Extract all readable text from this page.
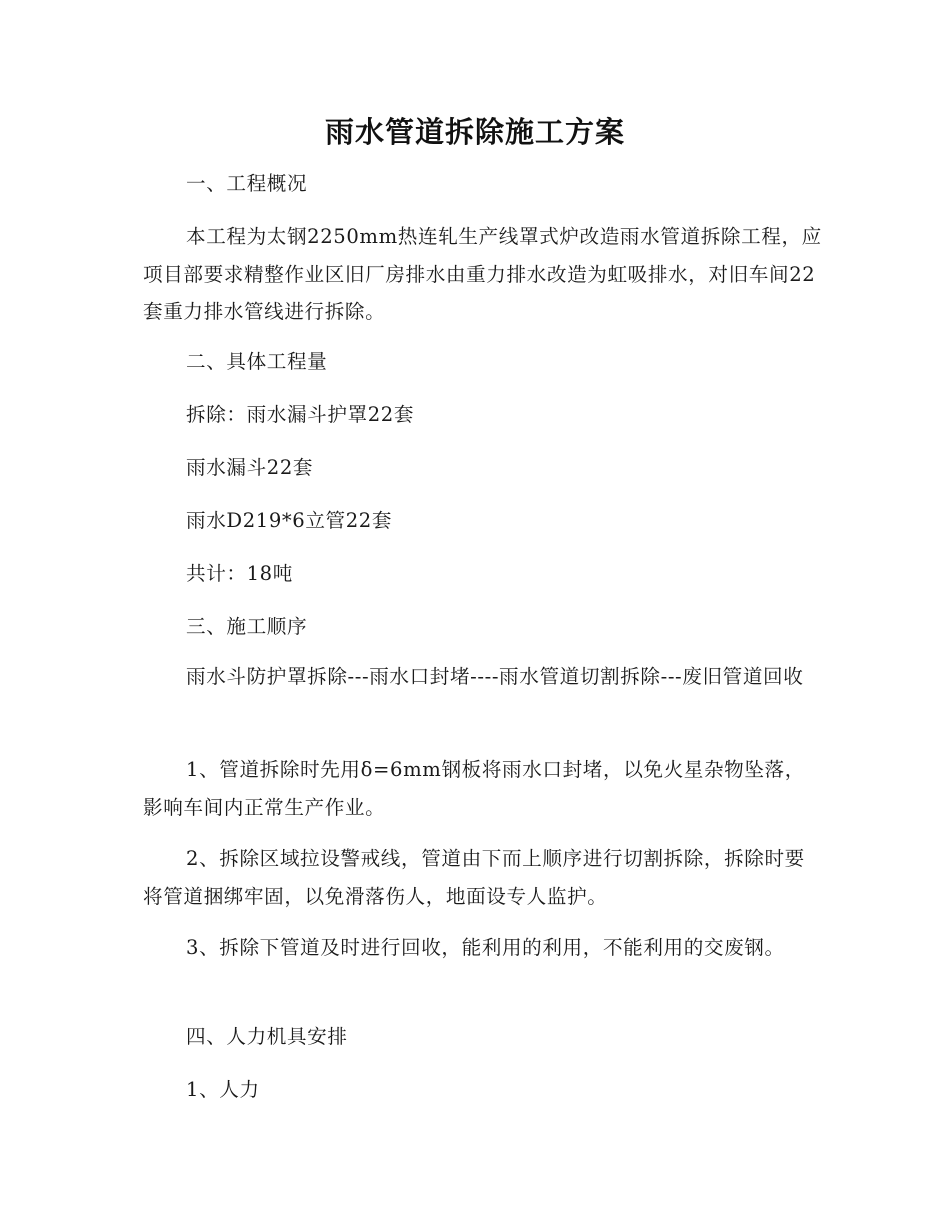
雨水管道拆除施工方案

一、工程概况

本工程为太钢2250mm热连轧生产线罩式炉改造雨水管道拆除工程，应项目部要求精整作业区旧厂房排水由重力排水改造为虹吸排水，对旧车间22套重力排水管线进行拆除。

二、具体工程量

拆除：雨水漏斗护罩22套

雨水漏斗22套

雨水D219*6立管22套

共计：18吨

三、施工顺序

雨水斗防护罩拆除---雨水口封堵----雨水管道切割拆除---废旧管道回收

1、管道拆除时先用δ=6mm钢板将雨水口封堵，以免火星杂物坠落，影响车间内正常生产作业。

2、拆除区域拉设警戒线，管道由下而上顺序进行切割拆除，拆除时要将管道捆绑牢固，以免滑落伤人，地面设专人监护。

3、拆除下管道及时进行回收，能利用的利用，不能利用的交废钢。

四、人力机具安排

1、人力
